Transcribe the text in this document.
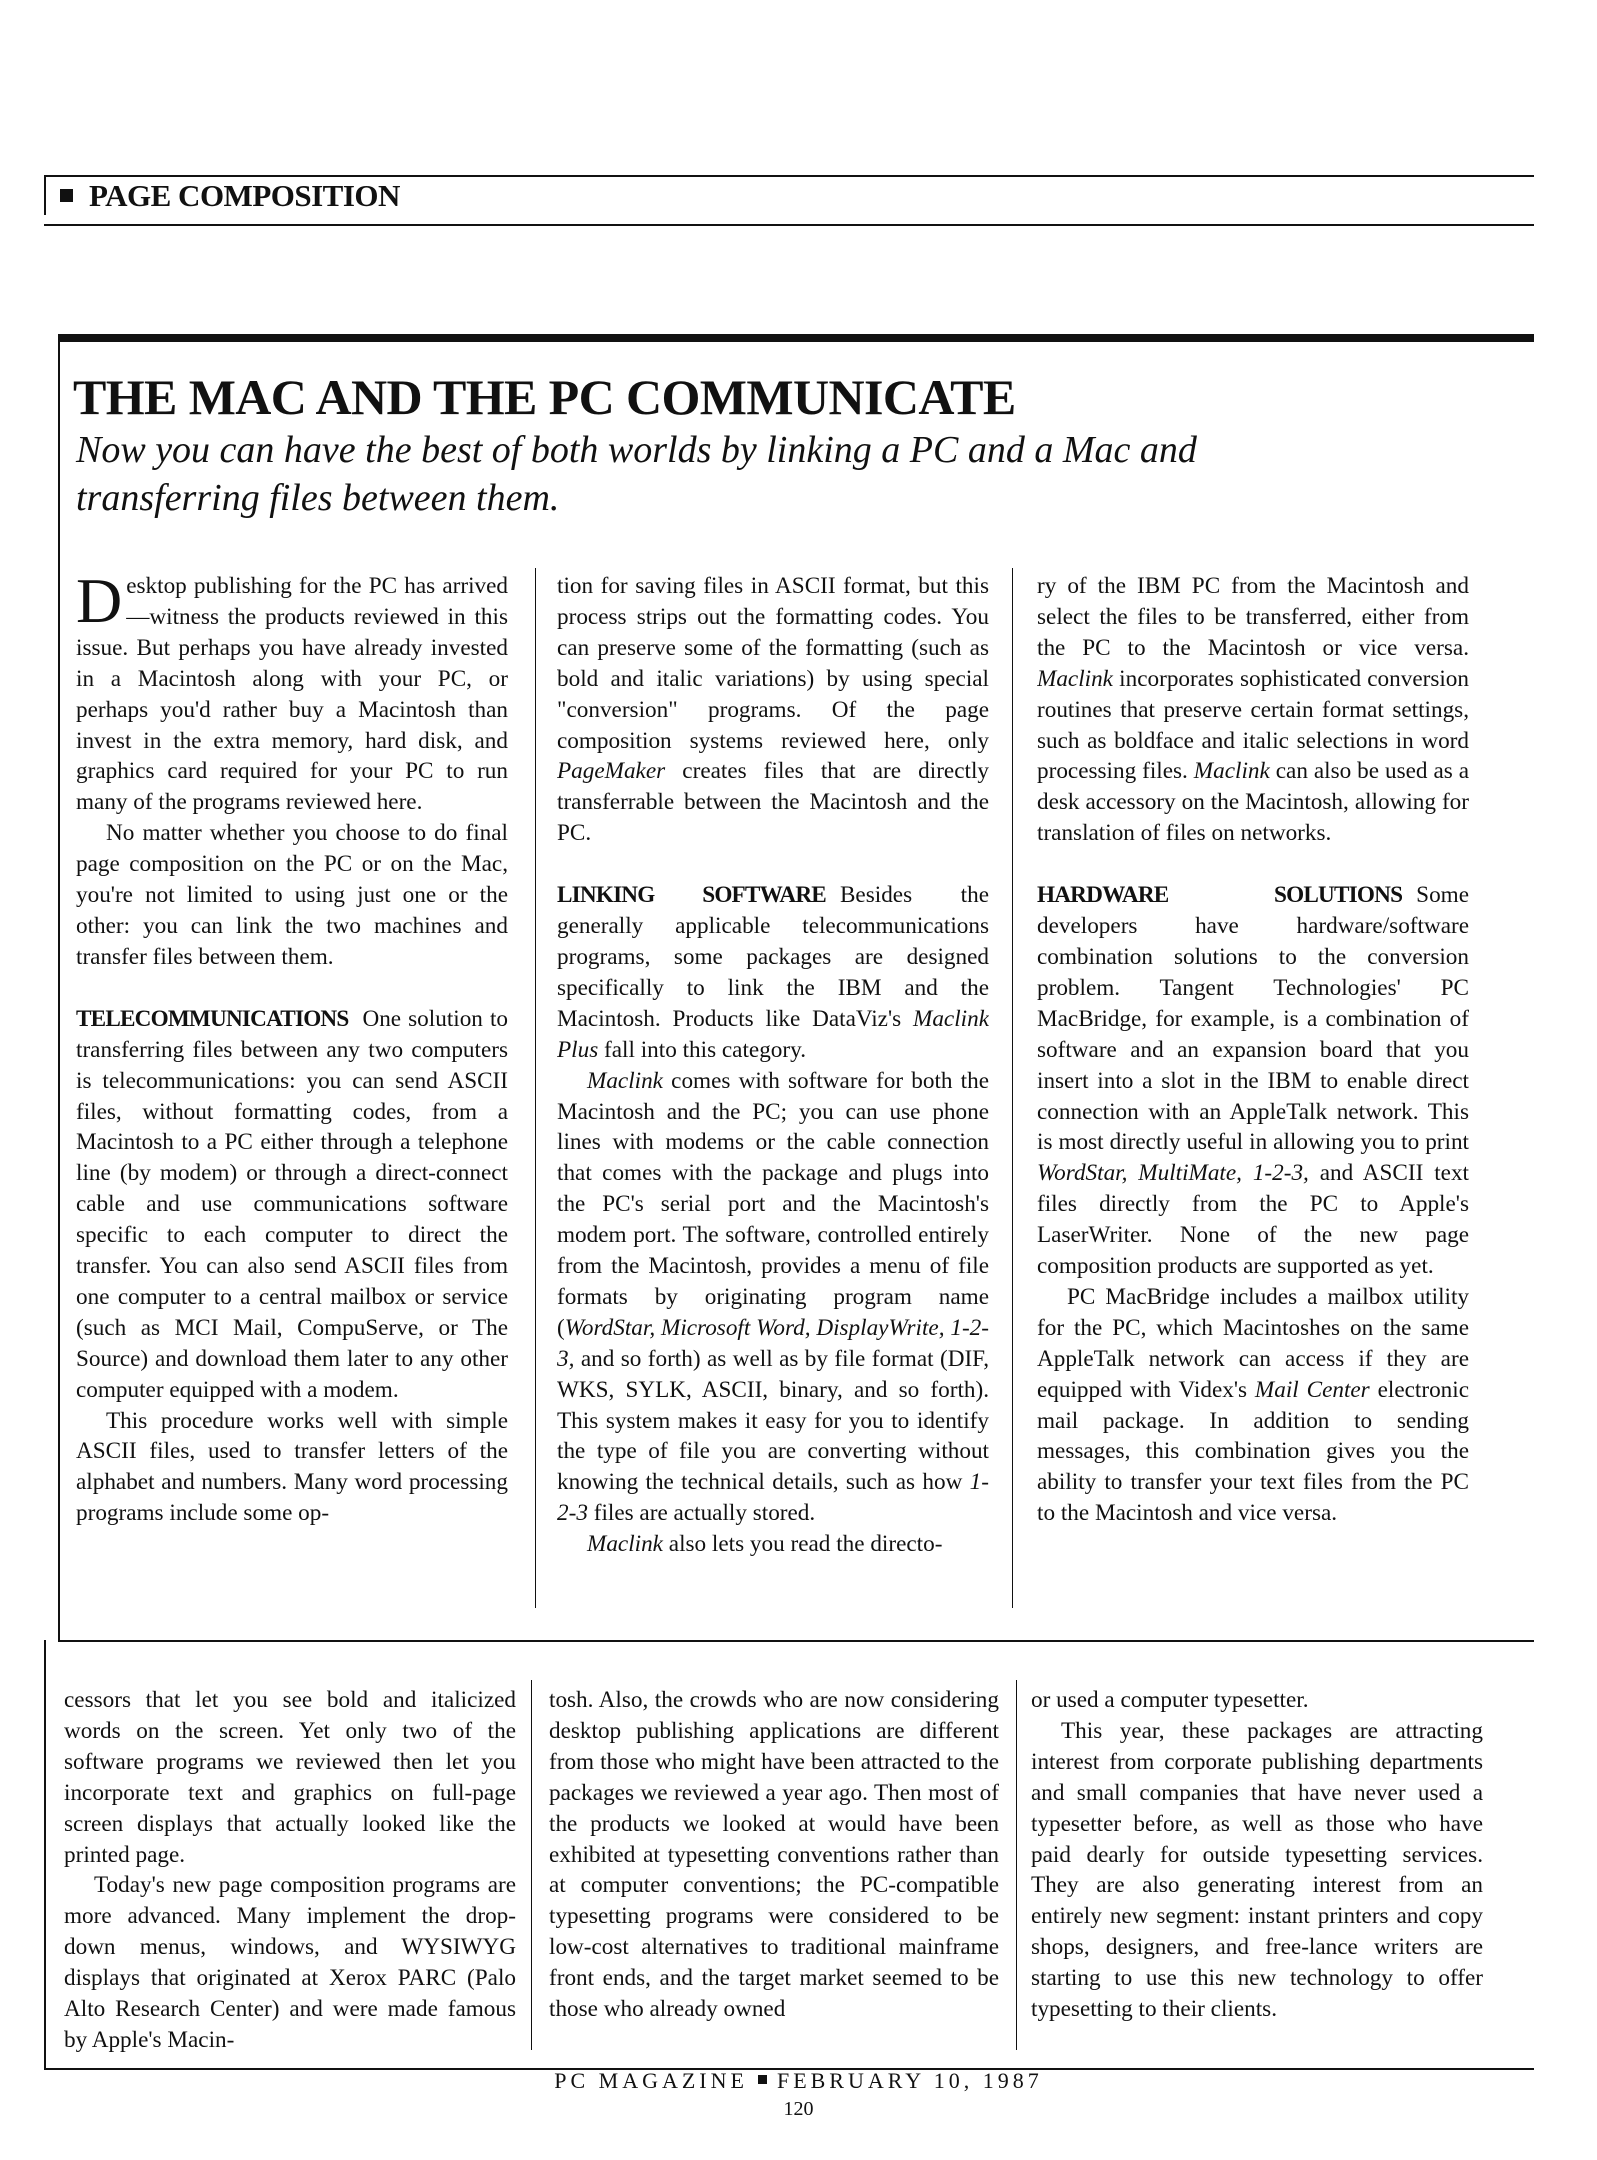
PAGE COMPOSITION
THE MAC AND THE PC COMMUNICATE
Now you can have the best of both worlds by linking a PC and a Mac and transferring files between them.

Desktop publishing for the PC has arrived—witness the products reviewed in this issue. But perhaps you have already invested in a Macintosh along with your PC, or perhaps you'd rather buy a Macintosh than invest in the extra memory, hard disk, and graphics card required for your PC to run many of the programs reviewed here.

No matter whether you choose to do final page composition on the PC or on the Mac, you're not limited to using just one or the other: you can link the two machines and transfer files between them.

TELECOMMUNICATIONS One solution to transferring files between any two computers is telecommunications: you can send ASCII files, without formatting codes, from a Macintosh to a PC either through a telephone line (by modem) or through a direct-connect cable and use communications software specific to each computer to direct the transfer. You can also send ASCII files from one computer to a central mailbox or service (such as MCI Mail, CompuServe, or The Source) and download them later to any other computer equipped with a modem.

This procedure works well with simple ASCII files, used to transfer letters of the alphabet and numbers. Many word processing programs include some op-

tion for saving files in ASCII format, but this process strips out the formatting codes. You can preserve some of the formatting (such as bold and italic variations) by using special "conversion" programs. Of the page composition systems reviewed here, only PageMaker creates files that are directly transferrable between the Macintosh and the PC.

LINKING SOFTWARE Besides the generally applicable telecommunications programs, some packages are designed specifically to link the IBM and the Macintosh. Products like DataViz's Maclink Plus fall into this category.

Maclink comes with software for both the Macintosh and the PC; you can use phone lines with modems or the cable connection that comes with the package and plugs into the PC's serial port and the Macintosh's modem port. The software, controlled entirely from the Macintosh, provides a menu of file formats by originating program name (WordStar, Microsoft Word, DisplayWrite, 1-2-3, and so forth) as well as by file format (DIF, WKS, SYLK, ASCII, binary, and so forth). This system makes it easy for you to identify the type of file you are converting without knowing the technical details, such as how 1-2-3 files are actually stored.

Maclink also lets you read the directo-

ry of the IBM PC from the Macintosh and select the files to be transferred, either from the PC to the Macintosh or vice versa. Maclink incorporates sophisticated conversion routines that preserve certain format settings, such as boldface and italic selections in word processing files. Maclink can also be used as a desk accessory on the Macintosh, allowing for translation of files on networks.

HARDWARE SOLUTIONS Some developers have hardware/software combination solutions to the conversion problem. Tangent Technologies' PC MacBridge, for example, is a combination of software and an expansion board that you insert into a slot in the IBM to enable direct connection with an AppleTalk network. This is most directly useful in allowing you to print WordStar, MultiMate, 1-2-3, and ASCII text files directly from the PC to Apple's LaserWriter. None of the new page composition products are supported as yet.

PC MacBridge includes a mailbox utility for the PC, which Macintoshes on the same AppleTalk network can access if they are equipped with Videx's Mail Center electronic mail package. In addition to sending messages, this combination gives you the ability to transfer your text files from the PC to the Macintosh and vice versa.

cessors that let you see bold and italicized words on the screen. Yet only two of the software programs we reviewed then let you incorporate text and graphics on full-page screen displays that actually looked like the printed page.

Today's new page composition programs are more advanced. Many implement the drop-down menus, windows, and WYSIWYG displays that originated at Xerox PARC (Palo Alto Research Center) and were made famous by Apple's Macin-

tosh. Also, the crowds who are now considering desktop publishing applications are different from those who might have been attracted to the packages we reviewed a year ago. Then most of the products we looked at would have been exhibited at typesetting conventions rather than at computer conventions; the PC-compatible typesetting programs were considered to be low-cost alternatives to traditional mainframe front ends, and the target market seemed to be those who already owned

or used a computer typesetter.

This year, these packages are attracting interest from corporate publishing departments and small companies that have never used a typesetter before, as well as those who have paid dearly for outside typesetting services. They are also generating interest from an entirely new segment: instant printers and copy shops, designers, and free-lance writers are starting to use this new technology to offer typesetting to their clients.

PC MAGAZINE FEBRUARY 10, 1987
120
